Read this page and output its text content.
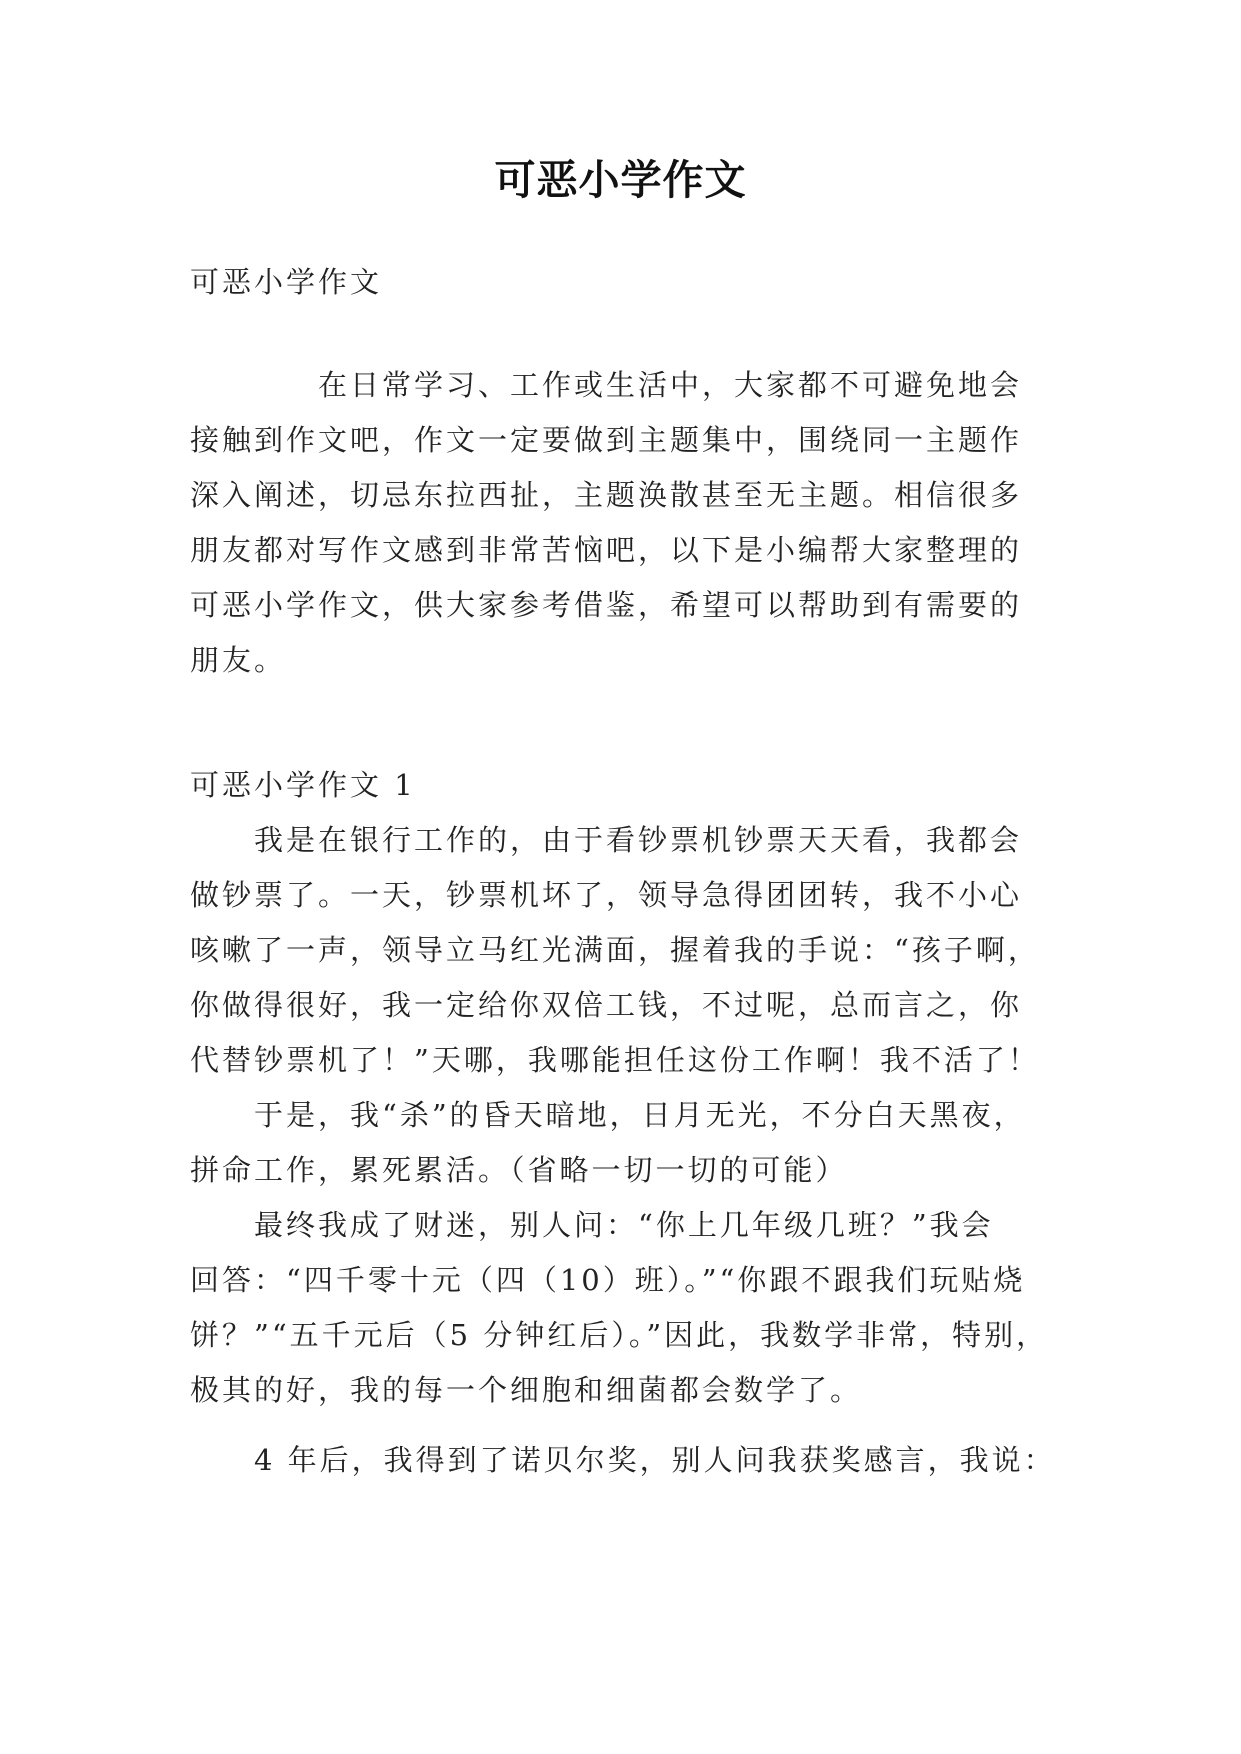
可恶小学作文
可恶小学作文
　　　　在日常学习、工作或生活中，大家都不可避免地会
接触到作文吧，作文一定要做到主题集中，围绕同一主题作
深入阐述，切忌东拉西扯，主题涣散甚至无主题。相信很多
朋友都对写作文感到非常苦恼吧，以下是小编帮大家整理的
可恶小学作文，供大家参考借鉴，希望可以帮助到有需要的
朋友。
可恶小学作文 1
　　我是在银行工作的，由于看钞票机钞票天天看，我都会
做钞票了。一天，钞票机坏了，领导急得团团转，我不小心
咳嗽了一声，领导立马红光满面，握着我的手说：“孩子啊，
你做得很好，我一定给你双倍工钱，不过呢，总而言之，你
代替钞票机了！”天哪，我哪能担任这份工作啊！我不活了！
　　于是，我“杀”的昏天暗地，日月无光，不分白天黑夜，
拼命工作，累死累活。（省略一切一切的可能）
　　最终我成了财迷，别人问：“你上几年级几班？”我会
回答：“四千零十元（四（10）班）。”“你跟不跟我们玩贴烧
饼？”“五千元后（5 分钟红后）。”因此，我数学非常，特别，
极其的好，我的每一个细胞和细菌都会数学了。
　　4 年后，我得到了诺贝尔奖，别人问我获奖感言，我说：
